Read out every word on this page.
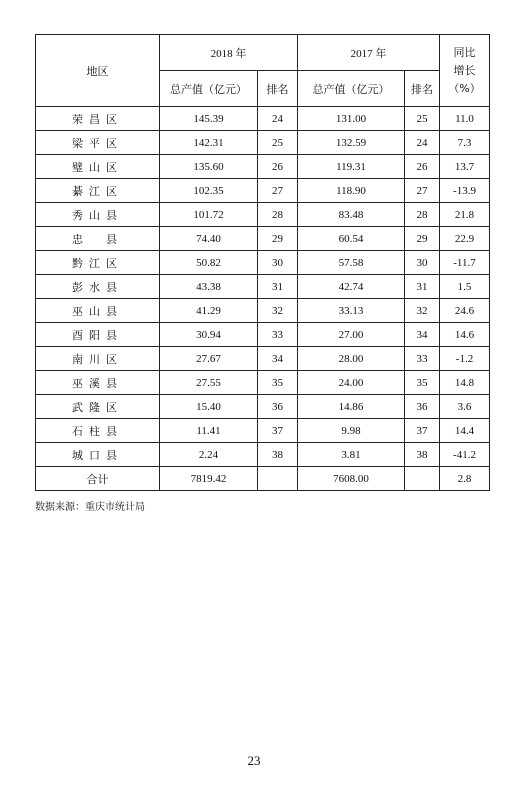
地区	2018 年		2017 年		同比
增长
（%）

	总产值（亿元）	排名	总产值（亿元）	排名	
荣昌区	145.39	24	131.00	25	11.0
梁平区	142.31	25	132.59	24	7.3
璧山区	135.60	26	119.31	26	13.7
綦江区	102.35	27	118.90	27	-13.9
秀山县	101.72	28	83.48	28	21.8
忠　县	74.40	29	60.54	29	22.9
黔江区	50.82	30	57.58	30	-11.7
彭水县	43.38	31	42.74	31	1.5
巫山县	41.29	32	33.13	32	24.6
酉阳县	30.94	33	27.00	34	14.6
南川区	27.67	34	28.00	33	-1.2
巫溪县	27.55	35	24.00	35	14.8
武隆区	15.40	36	14.86	36	3.6
石柱县	11.41	37	9.98	37	14.4
城口县	2.24	38	3.81	38	-41.2
合计	7819.42		7608.00		2.8
数据来源：重庆市统计局
23
